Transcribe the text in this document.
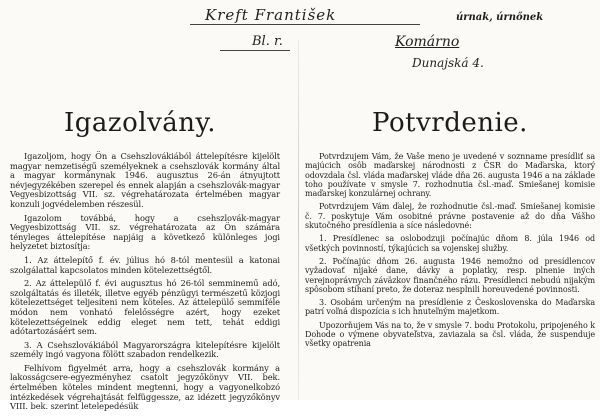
Kreft František	úrnak, úrnőnek
Bl. r.	Komárno
Dunajská 4.
Igazolvány.

Igazoljom, hogy Ön a Csehszlovákiából áttelepítésre kijelölt magyar nemzetiségű személyeknek a csehszlovák kormány által a magyar kormánynak 1946. augusztus 26-án átnyujtott névjegyzékében szerepel és ennek alapján a csehszlovák-magyar Vegyesbizottság VII. sz. végrehatározata értelmében magyar konzuli jogvédelemben részesül.

Igazolom továbbá, hogy a csehszlovák-magyar Vegyesbizottság VII. sz. végrehatározata az Ön számára tényleges áttelepítése napjáig a következő különleges jogi helyzetet biztosítja:

1. Az áttelepítő f. év. július hó 8-tól mentesül a katonai szolgálattal kapcsolatos minden kötelezettségtől.

2. Az áttelepülő f. évi augusztus hó 26-tól semminemű adó, szolgáltatás és illeték, illetve egyéb pénzügyi természetű közjogi kötelezettséget teljesíteni nem köteles. Az áttelepülő semmiféle módon nem vonható felelősségre azért, hogy ezeket kötelezettségeinek eddig eleget nem tett, tehát eddigi adótartozásáért sem.

3. A Csehszlovákiából Magyarországra kitelepítésre kijelölt személy ingó vagyona fölött szabadon rendelkezik.

Felhívom figyelmét arra, hogy a csehszlovák kormány a lakosságcsere-egyezményhez csatolt jegyzőkönyv VII. bek. értelmében köteles mindent megtenni, hogy a vagyonelkobzó intézkedések végrehajtását felfüggessze, az idézett jegyzőkönyv VIII. bek. szerint letelepedésük

Potvrdenie.

Potvrdzujem Vám, že Vaše meno je uvedené v soznname presídliť sa majúcich osôb maďarskej národnosti z ČSR do Maďarska, ktorý odovzdala čsl. vláda maďarskej vláde dňa 26. augusta 1946 a na základe toho používate v smysle 7. rozhodnutia čsl.-maď. Smiešanej komisie maďarskej konzulárnej ochrany.

Potvrdzujem Vám ďalej, že rozhodnutie čsl.-maď. Smiešanej komisie č. 7. poskytuje Vám osobitné právne postavenie až do dňa Vášho skutočného presídlenia a síce následovné:

1. Presídlenec sa oslobodzuji počínajúc dňom 8. júla 1946 od všetkých povinností, týkajúcich sa vojenskej služby.

2. Počínajúc dňom 26. augusta 1946 nemožno od presídlencov vyžadovať nijaké dane, dávky a poplatky, resp. plnenie iných verejnoprávnych záväzkov finančného rázu. Presídlenci nebudú nijakým spôsobom stíhaní preto, že doteraz nesplnili horeuvedené povinnosti.

3. Osobám určeným na presídlenie z Československa do Maďarska patrí voľná dispozícia s ich hnuteľným majetkom.

Upozorňujem Vás na to, že v smysle 7. bodu Protokolu, pripojeného k Dohode o výmene obyvateľstva, zaviazala sa čsl. vláda, že suspenduje všetky opatrenia
